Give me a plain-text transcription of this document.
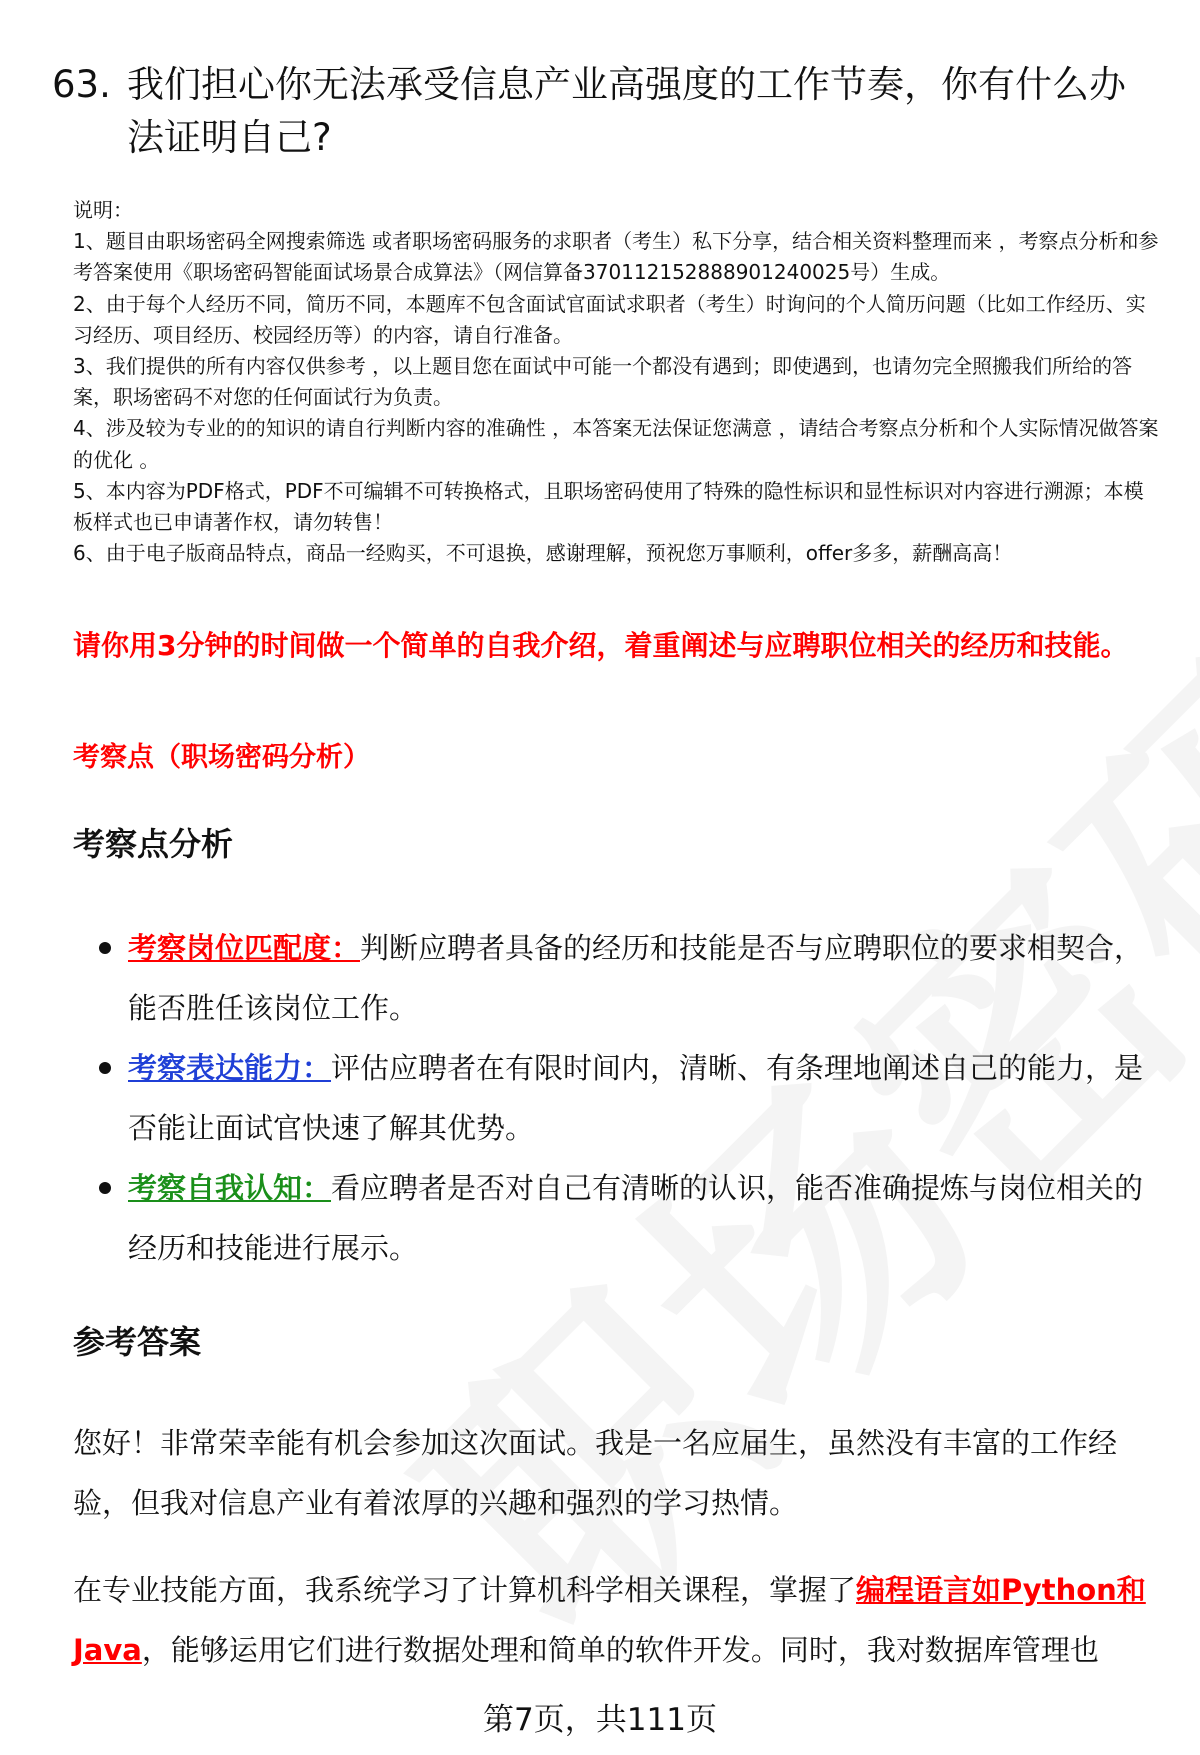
63. 我们担心你无法承受信息产业高强度的工作节奏，你有什么办法证明自己?

说明：

1、题目由职场密码全网搜索筛选 或者职场密码服务的求职者（考生）私下分享，结合相关资料整理而来 ，考察点分析和参考答案使用《职场密码智能面试场景合成算法》（网信算备370112152888901240025号）生成。

2、由于每个人经历不同，简历不同，本题库不包含面试官面试求职者（考生）时询问的个人简历问题（比如工作经历、实习经历、项目经历、校园经历等）的内容，请自行准备。

3、我们提供的所有内容仅供参考 ，以上题目您在面试中可能一个都没有遇到；即使遇到，也请勿完全照搬我们所给的答案，职场密码不对您的任何面试行为负责。

4、涉及较为专业的的知识的请自行判断内容的准确性 ，本答案无法保证您满意 ，请结合考察点分析和个人实际情况做答案的优化 。

5、本内容为PDF格式，PDF不可编辑不可转换格式，且职场密码使用了特殊的隐性标识和显性标识对内容进行溯源；本模板样式也已申请著作权，请勿转售！

6、由于电子版商品特点，商品一经购买，不可退换，感谢理解，预祝您万事顺利，offer多多，薪酬高高！

请你用3分钟的时间做一个简单的自我介绍，着重阐述与应聘职位相关的经历和技能。

考察点（职场密码分析）

考察点分析
考察岗位匹配度：判断应聘者具备的经历和技能是否与应聘职位的要求相契合，能否胜任该岗位工作。
考察表达能力：评估应聘者在有限时间内，清晰、有条理地阐述自己的能力，是否能让面试官快速了解其优势。
考察自我认知：看应聘者是否对自己有清晰的认识，能否准确提炼与岗位相关的经历和技能进行展示。
参考答案

您好！非常荣幸能有机会参加这次面试。我是一名应届生，虽然没有丰富的工作经验，但我对信息产业有着浓厚的兴趣和强烈的学习热情。

在专业技能方面，我系统学习了计算机科学相关课程，掌握了编程语言如Python和Java，能够运用它们进行数据处理和简单的软件开发。同时，我对数据库管理也

第7页，共111页
